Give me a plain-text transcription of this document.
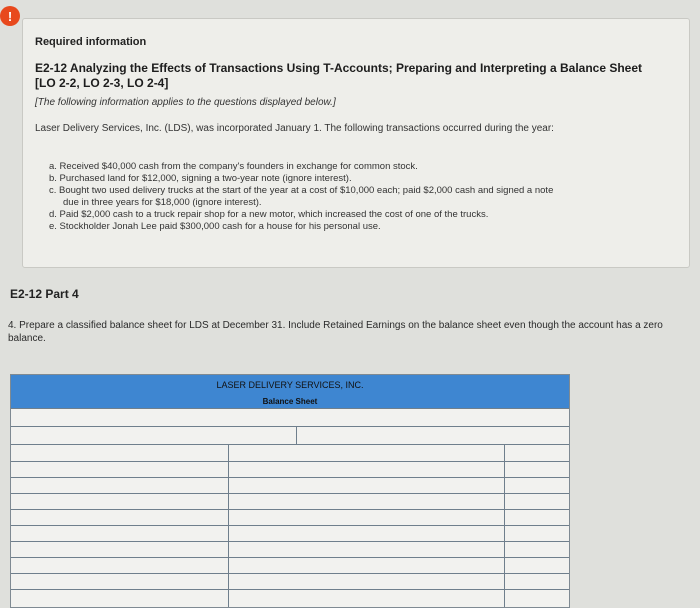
!
Required information
E2-12 Analyzing the Effects of Transactions Using T-Accounts; Preparing and Interpreting a Balance Sheet [LO 2-2, LO 2-3, LO 2-4]
[The following information applies to the questions displayed below.]
Laser Delivery Services, Inc. (LDS), was incorporated January 1. The following transactions occurred during the year:
a. Received $40,000 cash from the company's founders in exchange for common stock.
b. Purchased land for $12,000, signing a two-year note (ignore interest).
c. Bought two used delivery trucks at the start of the year at a cost of $10,000 each; paid $2,000 cash and signed a note
due in three years for $18,000 (ignore interest).
d. Paid $2,000 cash to a truck repair shop for a new motor, which increased the cost of one of the trucks.
e. Stockholder Jonah Lee paid $300,000 cash for a house for his personal use.
E2-12 Part 4
4. Prepare a classified balance sheet for LDS at December 31. Include Retained Earnings on the balance sheet even though the account has a zero balance.
LASER DELIVERY SERVICES, INC.
Balance Sheet
